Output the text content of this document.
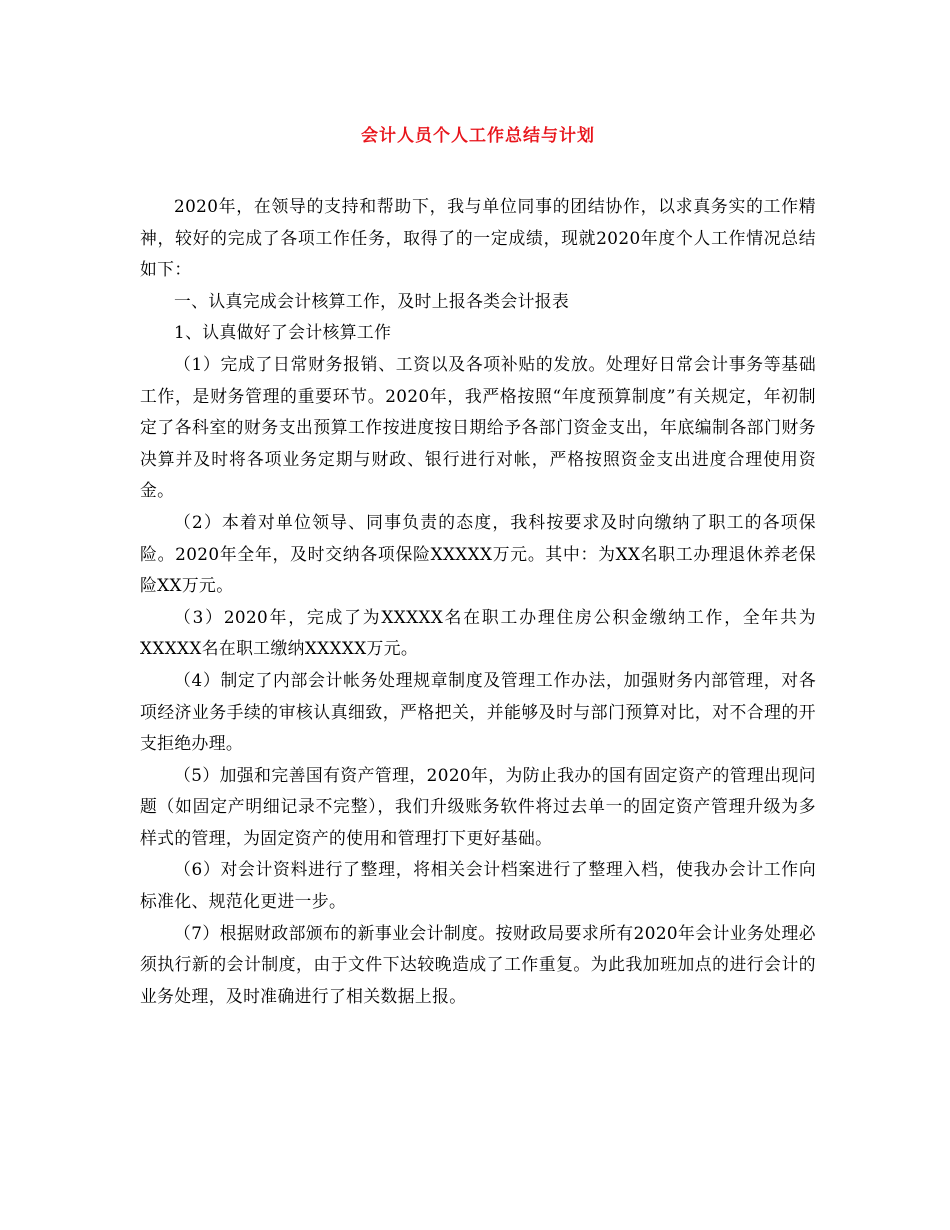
会计人员个人工作总结与计划

2020年，在领导的支持和帮助下，我与单位同事的团结协作，以求真务实的工作精神，较好的完成了各项工作任务，取得了的一定成绩，现就2020年度个人工作情况总结如下：

一、认真完成会计核算工作，及时上报各类会计报表

1、认真做好了会计核算工作

（1）完成了日常财务报销、工资以及各项补贴的发放。处理好日常会计事务等基础工作，是财务管理的重要环节。2020年，我严格按照“年度预算制度”有关规定，年初制定了各科室的财务支出预算工作按进度按日期给予各部门资金支出，年底编制各部门财务决算并及时将各项业务定期与财政、银行进行对帐，严格按照资金支出进度合理使用资金。

（2）本着对单位领导、同事负责的态度，我科按要求及时向缴纳了职工的各项保险。2020年全年，及时交纳各项保险XXXXX万元。其中：为XX名职工办理退休养老保险XX万元。

（3）2020年，完成了为XXXXX名在职工办理住房公积金缴纳工作，全年共为XXXXX名在职工缴纳XXXXX万元。

（4）制定了内部会计帐务处理规章制度及管理工作办法，加强财务内部管理，对各项经济业务手续的审核认真细致，严格把关，并能够及时与部门预算对比，对不合理的开支拒绝办理。

（5）加强和完善国有资产管理，2020年，为防止我办的国有固定资产的管理出现问题（如固定产明细记录不完整），我们升级账务软件将过去单一的固定资产管理升级为多样式的管理，为固定资产的使用和管理打下更好基础。

（6）对会计资料进行了整理，将相关会计档案进行了整理入档，使我办会计工作向标准化、规范化更进一步。

（7）根据财政部颁布的新事业会计制度。按财政局要求所有2020年会计业务处理必须执行新的会计制度，由于文件下达较晚造成了工作重复。为此我加班加点的进行会计的业务处理，及时准确进行了相关数据上报。
